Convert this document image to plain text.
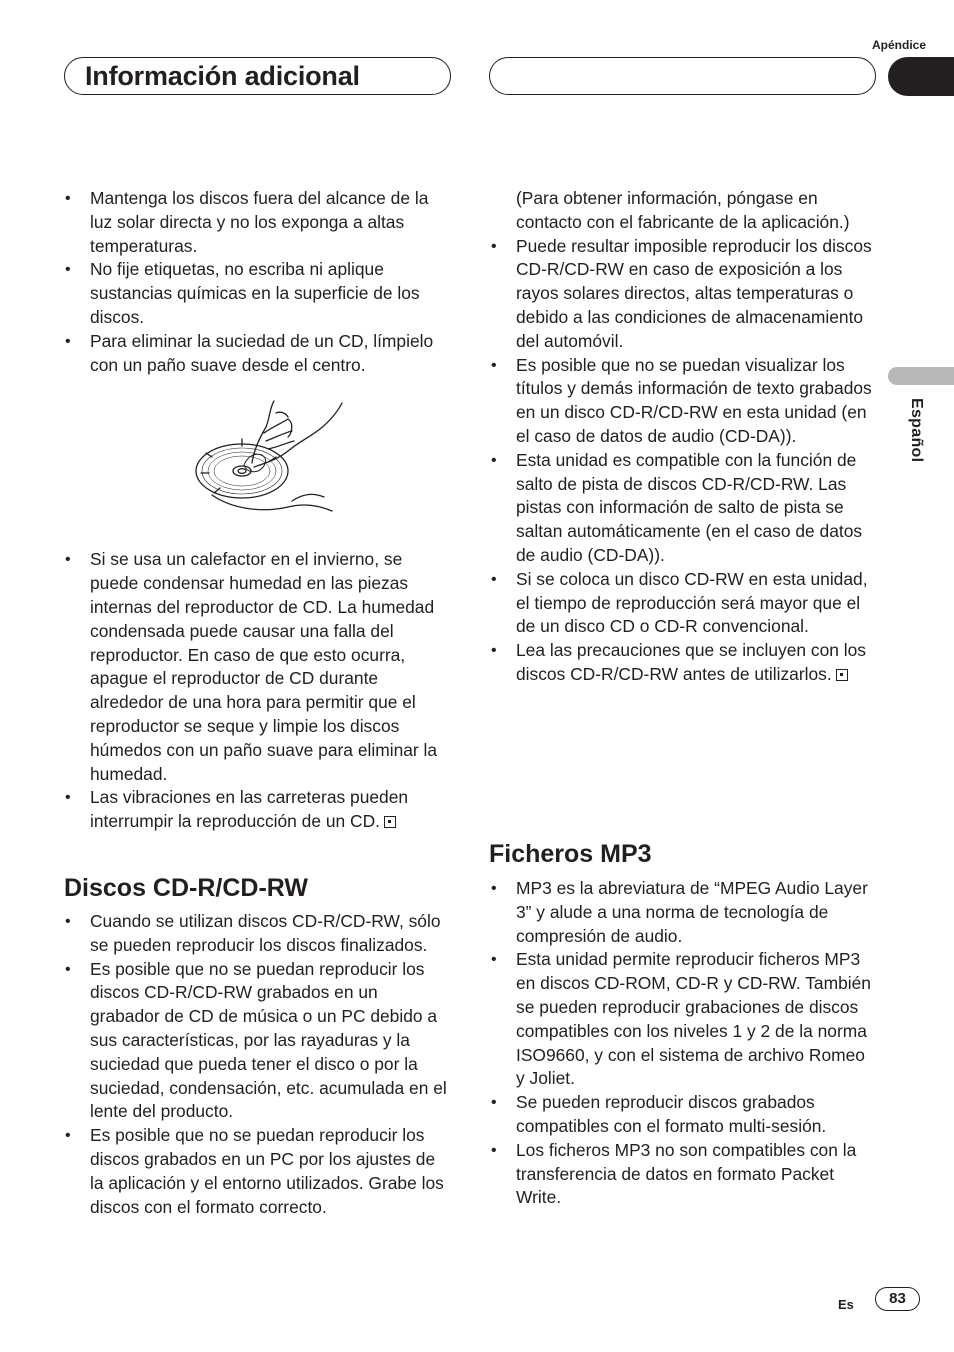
Apéndice
Información adicional
Español
• Mantenga los discos fuera del alcance de la luz solar directa y no los exponga a altas temperaturas.
• No fije etiquetas, no escriba ni aplique sustancias químicas en la superficie de los discos.
• Para eliminar la suciedad de un CD, límpielo con un paño suave desde el centro.
• Si se usa un calefactor en el invierno, se puede condensar humedad en las piezas internas del reproductor de CD. La humedad condensada puede causar una falla del reproductor. En caso de que esto ocurra, apague el reproductor de CD durante alrededor de una hora para permitir que el reproductor se seque y limpie los discos húmedos con un paño suave para eliminar la humedad.
• Las vibraciones en las carreteras pueden interrumpir la reproducción de un CD.
Discos CD-R/CD-RW
• Cuando se utilizan discos CD-R/CD-RW, sólo se pueden reproducir los discos finalizados.
• Es posible que no se puedan reproducir los discos CD-R/CD-RW grabados en un grabador de CD de música o un PC debido a sus características, por las rayaduras y la suciedad que pueda tener el disco o por la suciedad, condensación, etc. acumulada en el lente del producto.
• Es posible que no se puedan reproducir los discos grabados en un PC por los ajustes de la aplicación y el entorno utilizados. Grabe los discos con el formato correcto.

(Para obtener información, póngase en contacto con el fabricante de la aplicación.)

• Puede resultar imposible reproducir los discos CD-R/CD-RW en caso de exposición a los rayos solares directos, altas temperaturas o debido a las condiciones de almacenamiento del automóvil.
• Es posible que no se puedan visualizar los títulos y demás información de texto grabados en un disco CD-R/CD-RW en esta unidad (en el caso de datos de audio (CD-DA)).
• Esta unidad es compatible con la función de salto de pista de discos CD-R/CD-RW. Las pistas con información de salto de pista se saltan automáticamente (en el caso de datos de audio (CD-DA)).
• Si se coloca un disco CD-RW en esta unidad, el tiempo de reproducción será mayor que el de un disco CD o CD-R convencional.
• Lea las precauciones que se incluyen con los discos CD-R/CD-RW antes de utilizarlos.
Ficheros MP3
• MP3 es la abreviatura de “MPEG Audio Layer 3” y alude a una norma de tecnología de compresión de audio.
• Esta unidad permite reproducir ficheros MP3 en discos CD-ROM, CD-R y CD-RW. También se pueden reproducir grabaciones de discos compatibles con los niveles 1 y 2 de la norma ISO9660, y con el sistema de archivo Romeo y Joliet.
• Se pueden reproducir discos grabados compatibles con el formato multi-sesión.
• Los ficheros MP3 no son compatibles con la transferencia de datos en formato Packet Write.
Es	83
